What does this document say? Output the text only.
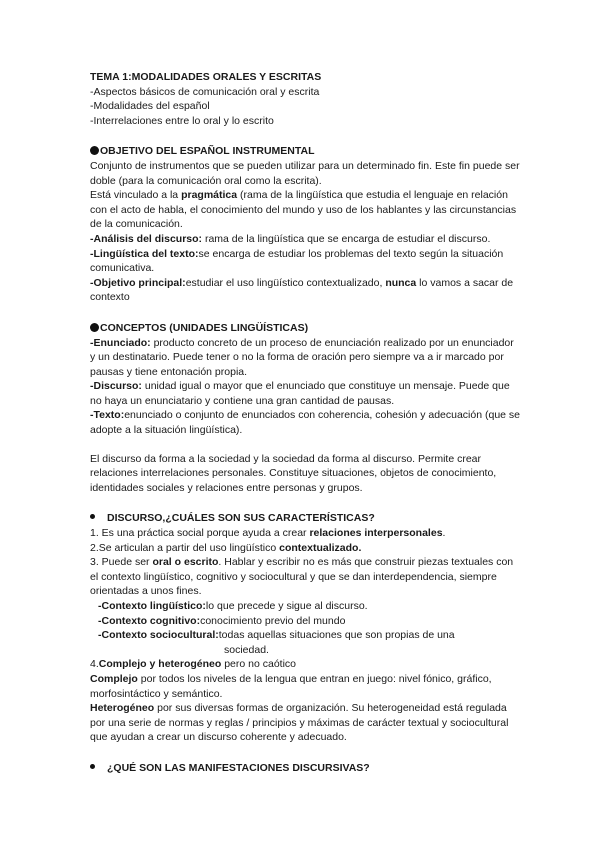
TEMA 1:MODALIDADES ORALES Y ESCRITAS
-Aspectos básicos de comunicación oral y escrita
-Modalidades del español
-Interrelaciones entre lo oral y lo escrito
OBJETIVO DEL ESPAÑOL INSTRUMENTAL
Conjunto de instrumentos que se pueden utilizar para un determinado fin. Este fin puede ser doble (para la comunicación oral como la escrita).
Está vinculado a la pragmática (rama de la lingüística que estudia el lenguaje en relación con el acto de habla, el conocimiento del mundo y uso de los hablantes y las circunstancias de la comunicación.
-Análisis del discurso: rama de la lingüística que se encarga de estudiar el discurso.
-Lingüística del texto:se encarga de estudiar los problemas del texto según la situación comunicativa.
-Objetivo principal:estudiar el uso lingüístico contextualizado, nunca lo vamos a sacar de contexto
CONCEPTOS (UNIDADES LINGÜÍSTICAS)
-Enunciado: producto concreto de un proceso de enunciación realizado por un enunciador y un destinatario. Puede tener o no la forma de oración pero siempre va a ir marcado por pausas y tiene entonación propia.
-Discurso: unidad igual o mayor que el enunciado que constituye un mensaje. Puede que no haya un enunciatario y contiene una gran cantidad de pausas.
-Texto:enunciado o conjunto de enunciados con coherencia, cohesión y adecuación (que se adopte a la situación lingüística).
El discurso da forma a la sociedad y la sociedad da forma al discurso. Permite crear relaciones interrelaciones personales. Constituye situaciones, objetos de conocimiento, identidades sociales y relaciones entre personas y grupos.
DISCURSO,¿CUÁLES SON SUS CARACTERÍSTICAS?
1. Es una práctica social porque ayuda a crear relaciones interpersonales.
2.Se articulan a partir del uso lingüístico contextualizado.
3. Puede ser oral o escrito. Hablar y escribir no es más que construir piezas textuales con el contexto lingüístico, cognitivo y sociocultural y que se dan interdependencia, siempre orientadas a unos fines.
-Contexto lingüístico:lo que precede y sigue al discurso.
-Contexto cognitivo:conocimiento previo del mundo
-Contexto sociocultural:todas aquellas situaciones que son propias de una
sociedad.
4.Complejo y heterogéneo pero no caótico
Complejo por todos los niveles de la lengua que entran en juego: nivel fónico, gráfico, morfosintáctico y semántico.
Heterogéneo por sus diversas formas de organización. Su heterogeneidad está regulada por una serie de normas y reglas / principios y máximas de carácter textual y sociocultural que ayudan a crear un discurso coherente y adecuado.
¿QUÉ SON LAS MANIFESTACIONES DISCURSIVAS?
